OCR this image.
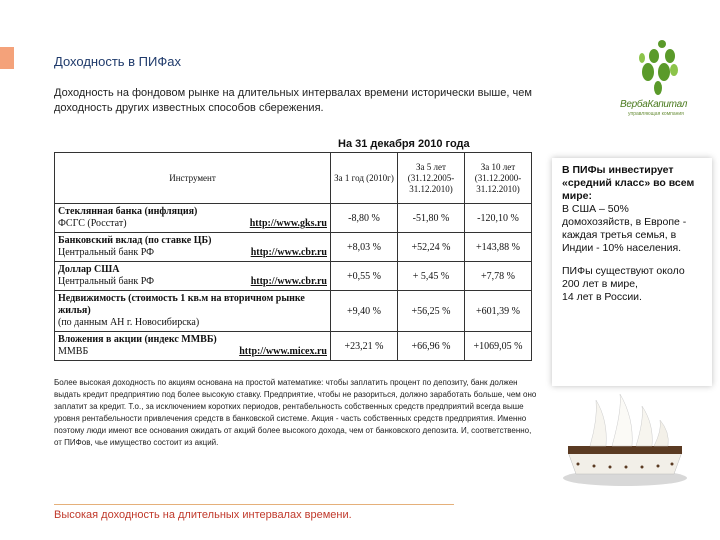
Доходность в ПИФах
Доходность на фондовом рынке на длительных интервалах времени исторически выше, чем доходность других известных способов сбережения.	ВербаКапитал
управляющая компания
На 31 декабря 2010 года
Инструмент	За 1 год (2010г)	За 5 лет (31.12.2005-31.12.2010)	За 10 лет (31.12.2000-31.12.2010)

Стеклянная банка (инфляция)
ФСГС (Росстат) http://www.gks.ru	-8,80 %	-51,80 %	-120,10 %

Банковский вклад (по ставке ЦБ)
Центральный банк РФ http://www.cbr.ru	+8,03 %	+52,24 %	+143,88 %

Доллар США
Центральный банк РФ http://www.cbr.ru	+0,55 %	+ 5,45 %	+7,78 %

Недвижимость (стоимость 1 кв.м на вторичном рынке жилья)
(по данным АН г. Новосибирска)	+9,40 %	+56,25 %	+601,39 %

Вложения в акции (индекс ММВБ)
ММВБ http://www.micex.ru	+23,21 %	+66,96 %	+1069,05 %
В ПИФы инвестирует «средний класс» во всем мире:
В США – 50% домохозяйств, в Европе - каждая третья семья, в Индии - 10% населения.
ПИФы существуют около 200 лет в мире,
14 лет в России.
Более высокая доходность по акциям основана на простой математике: чтобы заплатить процент по депозиту, банк должен выдать кредит предприятию под более высокую ставку. Предприятие, чтобы не разориться, должно заработать больше, чем оно заплатит за кредит. Т.о., за исключением коротких периодов, рентабельность собственных средств предприятий всегда выше уровня рентабельности привлечения средств в банковской системе. Акция - часть собственных средств предприятия. Именно поэтому люди имеют все основания ожидать от акций более высокого дохода, чем от банковского депозита. И, соответственно, от ПИФов, чье имущество состоит из акций.
Высокая доходность на длительных интервалах времени.
